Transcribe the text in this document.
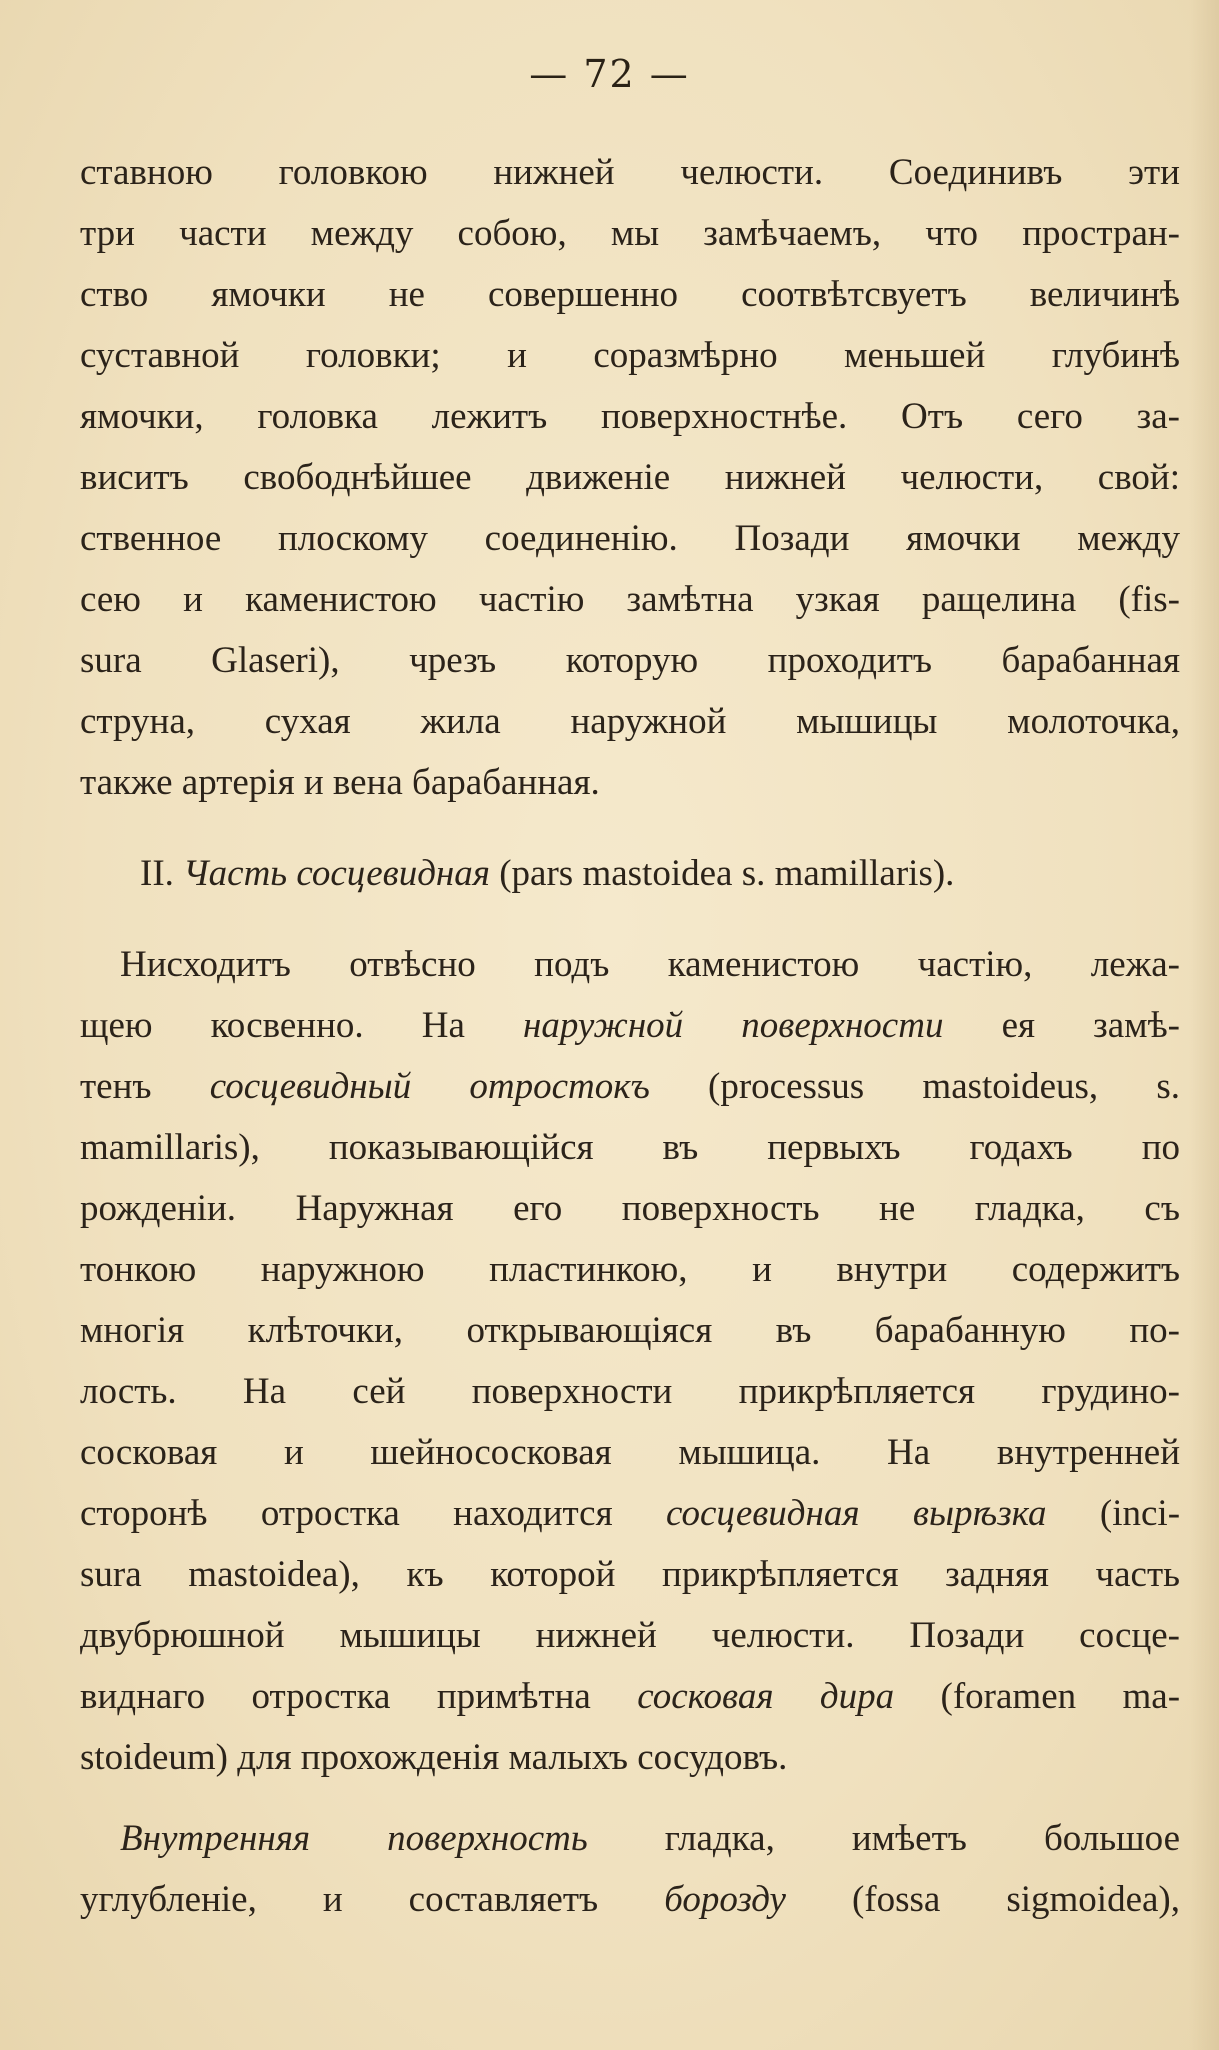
— 72 —
ставною головкою нижней челюсти. Соединивъ эти
три части между собою, мы замѣчаемъ, что простран-
ство ямочки не совершенно соотвѣтсвуетъ величинѣ
суставной головки; и соразмѣрно меньшей глубинѣ
ямочки, головка лежитъ поверхностнѣе. Отъ сего за-
виситъ свободнѣйшее движенiе нижней челюсти, свой:
ственное плоскому соединенiю. Позади ямочки между
сею и каменистою частiю замѣтна узкая ращелина (fis-
sura Glaseri), чрезъ которую проходитъ барабанная
струна, сухая жила наружной мышицы молоточка,
также артерiя и вена барабанная.
II. Часть сосцевидная (pars mastoidea s. mamillaris).
Нисходитъ отвѣсно подъ каменистою частiю, лежа-
щею косвенно. На наружной поверхности ея замѣ-
тенъ сосцевидный отростокъ (processus mastoideus, s.
mamillaris), показывающiйся въ первыхъ годахъ по
рожденiи. Наружная его поверхность не гладка, съ
тонкою наружною пластинкою, и внутри содержитъ
многiя клѣточки, открывающiяся въ барабанную по-
лость. На сей поверхности прикрѣпляется грудино-
сосковая и шейнососковая мышица. На внутренней
сторонѣ отростка находится сосцевидная вырѣзка (inci-
sura mastoidea), къ которой прикрѣпляется задняя часть
двубрюшной мышицы нижней челюсти. Позади сосце-
виднаго отростка примѣтна сосковая дира (foramen ma-
stoideum) для прохожденiя малыхъ сосудовъ.
Внутренняя поверхность гладка, имѣетъ большое
углубленiе, и составляетъ борозду (fossa sigmoidea),
